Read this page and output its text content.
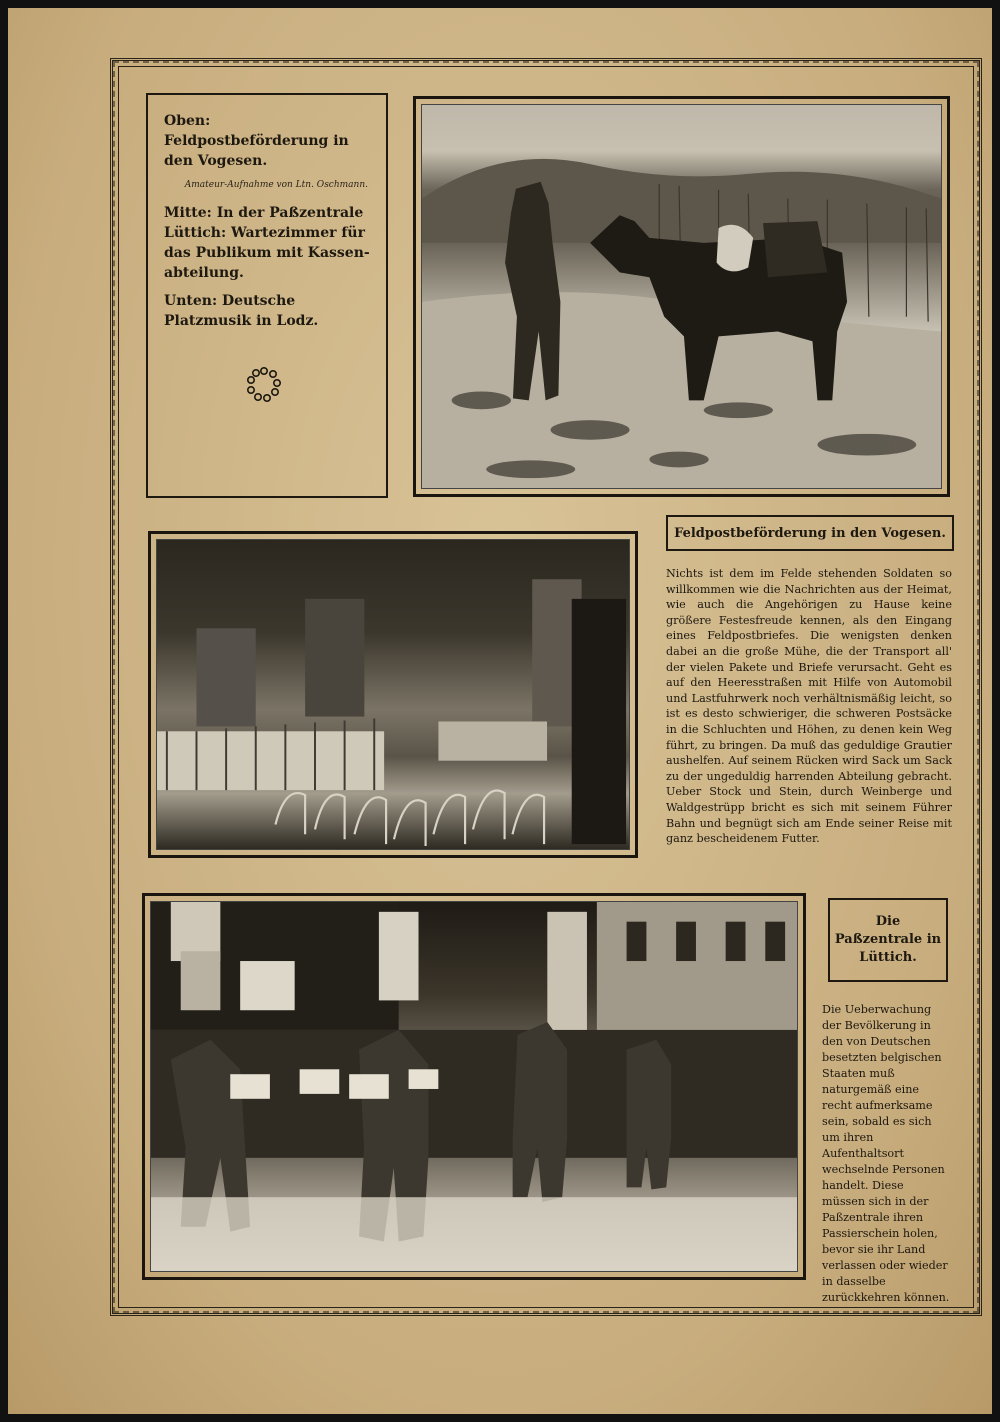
Oben: Feldpostbeförderung in den Vogesen.

Amateur-Aufnahme von Ltn. Oschmann.

Mitte: In der Paßzentrale Lüttich: Wartezimmer für das Publikum mit Kassen-abteilung.

Unten: Deutsche Platzmusik in Lodz.

Feldpostbeförderung in den Vogesen.

Nichts ist dem im Felde stehenden Soldaten so willkommen wie die Nachrichten aus der Heimat, wie auch die Angehörigen zu Hause keine größere Festesfreude kennen, als den Eingang eines Feldpostbriefes. Die wenigsten denken dabei an die große Mühe, die der Transport all' der vielen Pakete und Briefe verursacht. Geht es auf den Heeresstraßen mit Hilfe von Automobil und Lastfuhrwerk noch verhältnismäßig leicht, so ist es desto schwieriger, die schweren Postsäcke in die Schluchten und Höhen, zu denen kein Weg führt, zu bringen. Da muß das geduldige Grautier aushelfen. Auf seinem Rücken wird Sack um Sack zu der ungeduldig harrenden Abteilung gebracht. Ueber Stock und Stein, durch Weinberge und Waldgestrüpp bricht es sich mit seinem Führer Bahn und begnügt sich am Ende seiner Reise mit ganz bescheidenem Futter.

Die Paßzentrale in Lüttich.

Die Ueberwachung der Bevölkerung in den von Deutschen besetzten belgischen Staaten muß naturgemäß eine recht aufmerksame sein, sobald es sich um ihren Aufenthaltsort wechselnde Personen handelt. Diese müssen sich in der Paßzentrale ihren Passierschein holen, bevor sie ihr Land verlassen oder wieder in dasselbe zurückkehren können.
